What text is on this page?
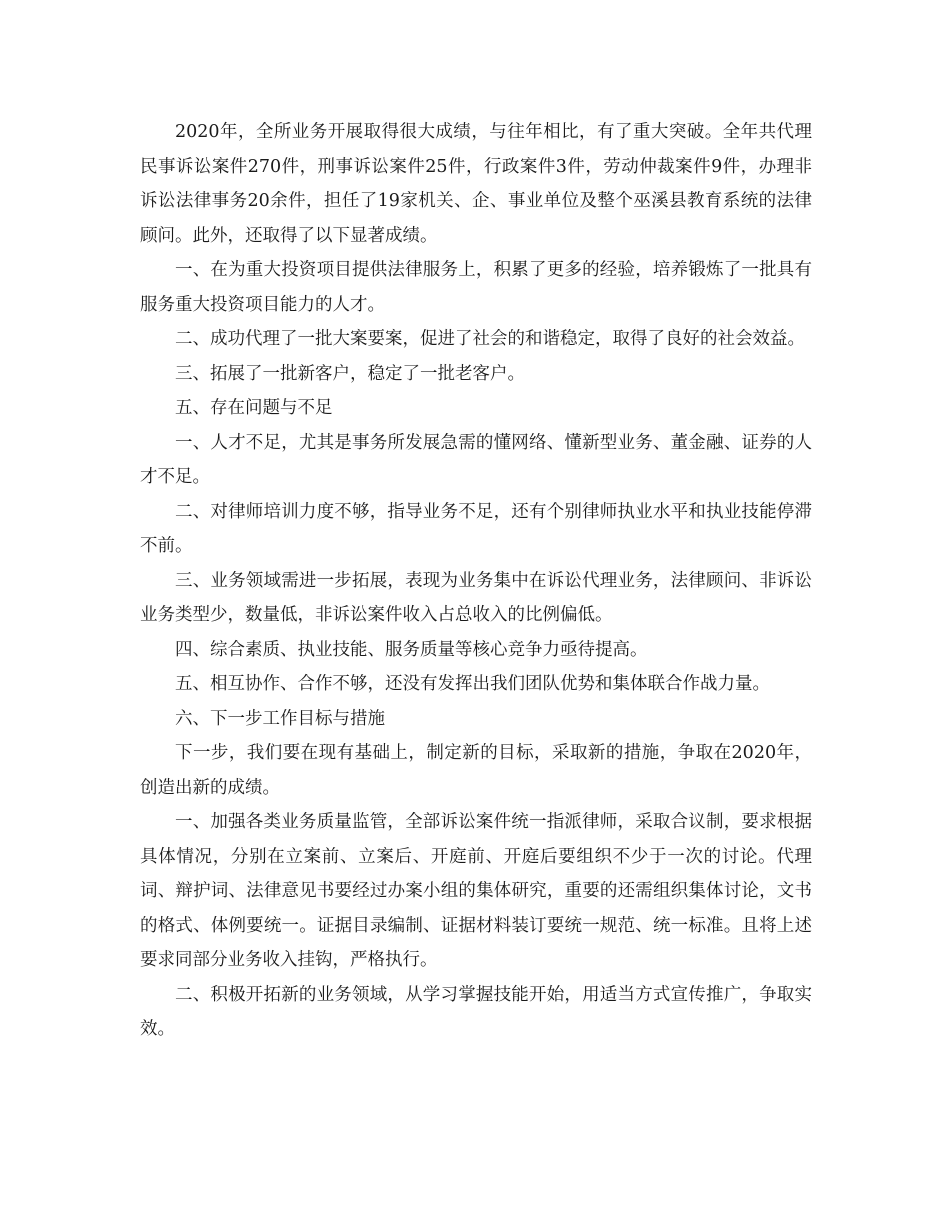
2020年，全所业务开展取得很大成绩，与往年相比，有了重大突破。全年共代理民事诉讼案件270件，刑事诉讼案件25件，行政案件3件，劳动仲裁案件9件，办理非诉讼法律事务20余件，担任了19家机关、企、事业单位及整个巫溪县教育系统的法律顾问。此外，还取得了以下显著成绩。

一、在为重大投资项目提供法律服务上，积累了更多的经验，培养锻炼了一批具有服务重大投资项目能力的人才。

二、成功代理了一批大案要案，促进了社会的和谐稳定，取得了良好的社会效益。

三、拓展了一批新客户，稳定了一批老客户。

五、存在问题与不足

一、人才不足，尤其是事务所发展急需的懂网络、懂新型业务、董金融、证券的人才不足。

二、对律师培训力度不够，指导业务不足，还有个别律师执业水平和执业技能停滞不前。

三、业务领域需进一步拓展，表现为业务集中在诉讼代理业务，法律顾问、非诉讼业务类型少，数量低，非诉讼案件收入占总收入的比例偏低。

四、综合素质、执业技能、服务质量等核心竞争力亟待提高。

五、相互协作、合作不够，还没有发挥出我们团队优势和集体联合作战力量。

六、下一步工作目标与措施

下一步，我们要在现有基础上，制定新的目标，采取新的措施，争取在2020年，创造出新的成绩。

一、加强各类业务质量监管，全部诉讼案件统一指派律师，采取合议制，要求根据具体情况，分别在立案前、立案后、开庭前、开庭后要组织不少于一次的讨论。代理词、辩护词、法律意见书要经过办案小组的集体研究，重要的还需组织集体讨论，文书的格式、体例要统一。证据目录编制、证据材料装订要统一规范、统一标准。且将上述要求同部分业务收入挂钩，严格执行。

二、积极开拓新的业务领域，从学习掌握技能开始，用适当方式宣传推广，争取实效。
